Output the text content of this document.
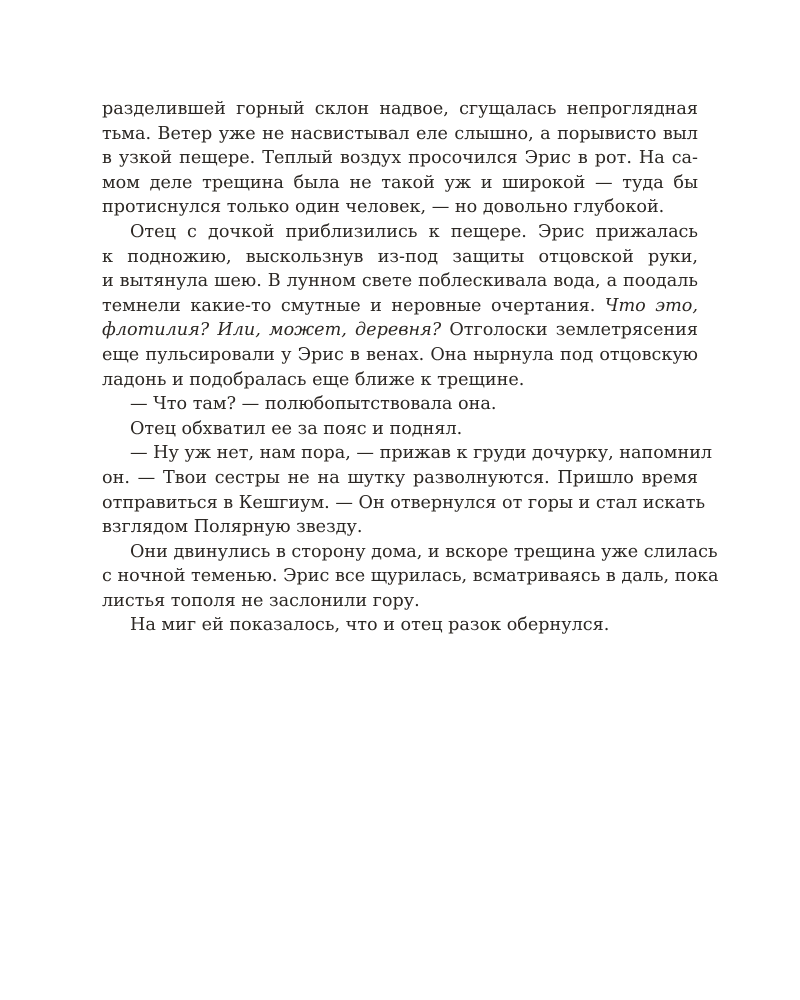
разделившей горный склон надвое, сгущалась непроглядная
тьма. Ветер уже не насвистывал еле слышно, а порывисто выл
в узкой пещере. Теплый воздух просочился Эрис в рот. На са-
мом деле трещина была не такой уж и широкой — туда бы
протиснулся только один человек, — но довольно глубокой.
Отец с дочкой приблизились к пещере. Эрис прижалась
к подножию, выскользнув из-под защиты отцовской руки,
и вытянула шею. В лунном свете поблескивала вода, а поодаль
темнели какие-то смутные и неровные очертания. Что это,
флотилия? Или, может, деревня? Отголоски землетрясения
еще пульсировали у Эрис в венах. Она нырнула под отцовскую
ладонь и подобралась еще ближе к трещине.
— Что там? — полюбопытствовала она.
Отец обхватил ее за пояс и поднял.
— Ну уж нет, нам пора, — прижав к груди дочурку, напомнил
он. — Твои сестры не на шутку разволнуются. Пришло время
отправиться в Кешгиум. — Он отвернулся от горы и стал искать
взглядом Полярную звезду.
Они двинулись в сторону дома, и вскоре трещина уже слилась
с ночной теменью. Эрис все щурилась, всматриваясь в даль, пока
листья тополя не заслонили гору.
На миг ей показалось, что и отец разок обернулся.
